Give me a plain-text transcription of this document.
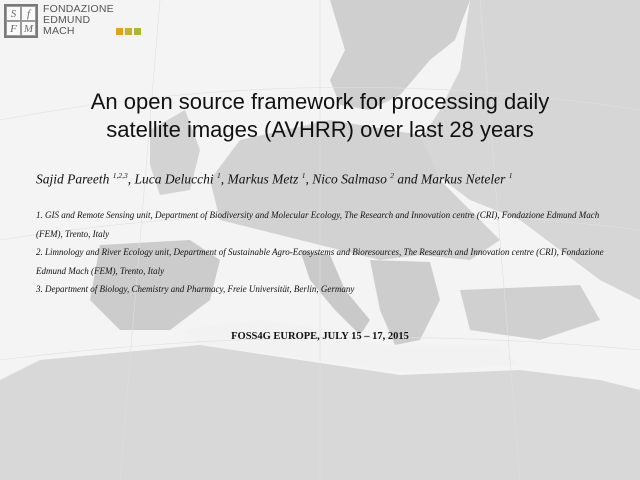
S f
F M
FONDAZIONE
EDMUND
MACH
An open source framework for processing daily
satellite images (AVHRR) over last 28 years
Sajid Pareeth $^{1,2,3}$, Luca Delucchi $^1$, Markus Metz $^1$, Nico Salmaso $^2$ and Markus Neteler $^1$
1. GIS and Remote Sensing unit, Department of Biodiversity and Molecular Ecology, The Research and Innovation centre (CRI), Fondazione Edmund Mach (FEM), Trento, Italy
2. Limnology and River Ecology unit, Department of Sustainable Agro-Ecosystems and Bioresources, The Research and Innovation centre (CRI), Fondazione Edmund Mach (FEM), Trento, Italy
3. Department of Biology, Chemistry and Pharmacy, Freie Universität, Berlin, Germany
FOSS4G EUROPE, JULY 15 – 17, 2015
